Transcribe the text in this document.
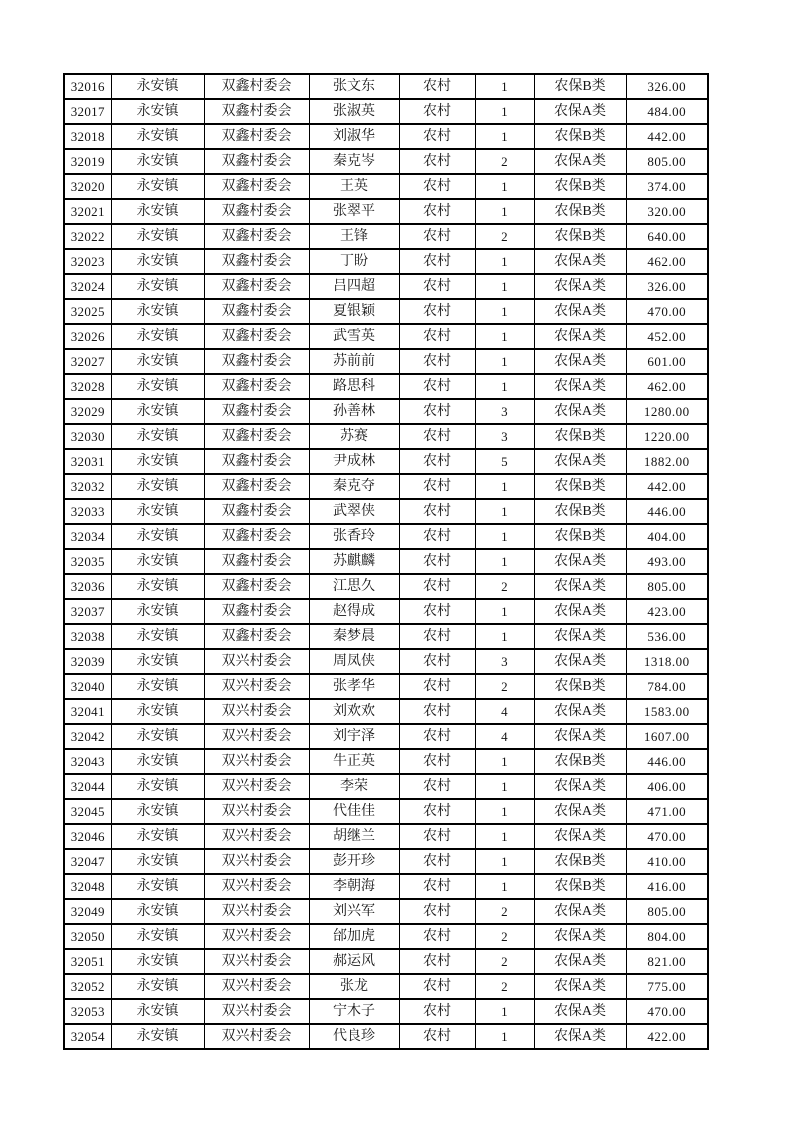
32016	永安镇	双鑫村委会	张文东	农村	1	农保B类	326.00
32017	永安镇	双鑫村委会	张淑英	农村	1	农保A类	484.00
32018	永安镇	双鑫村委会	刘淑华	农村	1	农保B类	442.00
32019	永安镇	双鑫村委会	秦克岑	农村	2	农保A类	805.00
32020	永安镇	双鑫村委会	王英	农村	1	农保B类	374.00
32021	永安镇	双鑫村委会	张翠平	农村	1	农保B类	320.00
32022	永安镇	双鑫村委会	王锋	农村	2	农保B类	640.00
32023	永安镇	双鑫村委会	丁盼	农村	1	农保A类	462.00
32024	永安镇	双鑫村委会	吕四超	农村	1	农保A类	326.00
32025	永安镇	双鑫村委会	夏银颖	农村	1	农保A类	470.00
32026	永安镇	双鑫村委会	武雪英	农村	1	农保A类	452.00
32027	永安镇	双鑫村委会	苏前前	农村	1	农保A类	601.00
32028	永安镇	双鑫村委会	路思科	农村	1	农保A类	462.00
32029	永安镇	双鑫村委会	孙善林	农村	3	农保A类	1280.00
32030	永安镇	双鑫村委会	苏赛	农村	3	农保B类	1220.00
32031	永安镇	双鑫村委会	尹成林	农村	5	农保A类	1882.00
32032	永安镇	双鑫村委会	秦克夺	农村	1	农保B类	442.00
32033	永安镇	双鑫村委会	武翠侠	农村	1	农保B类	446.00
32034	永安镇	双鑫村委会	张香玲	农村	1	农保B类	404.00
32035	永安镇	双鑫村委会	苏麒麟	农村	1	农保A类	493.00
32036	永安镇	双鑫村委会	江思久	农村	2	农保A类	805.00
32037	永安镇	双鑫村委会	赵得成	农村	1	农保A类	423.00
32038	永安镇	双鑫村委会	秦梦晨	农村	1	农保A类	536.00
32039	永安镇	双兴村委会	周凤侠	农村	3	农保A类	1318.00
32040	永安镇	双兴村委会	张孝华	农村	2	农保B类	784.00
32041	永安镇	双兴村委会	刘欢欢	农村	4	农保A类	1583.00
32042	永安镇	双兴村委会	刘宇泽	农村	4	农保A类	1607.00
32043	永安镇	双兴村委会	牛正英	农村	1	农保B类	446.00
32044	永安镇	双兴村委会	李荣	农村	1	农保A类	406.00
32045	永安镇	双兴村委会	代佳佳	农村	1	农保A类	471.00
32046	永安镇	双兴村委会	胡继兰	农村	1	农保A类	470.00
32047	永安镇	双兴村委会	彭开珍	农村	1	农保B类	410.00
32048	永安镇	双兴村委会	李朝海	农村	1	农保B类	416.00
32049	永安镇	双兴村委会	刘兴军	农村	2	农保A类	805.00
32050	永安镇	双兴村委会	邰加虎	农村	2	农保A类	804.00
32051	永安镇	双兴村委会	郝运风	农村	2	农保A类	821.00
32052	永安镇	双兴村委会	张龙	农村	2	农保A类	775.00
32053	永安镇	双兴村委会	宁木子	农村	1	农保A类	470.00
32054	永安镇	双兴村委会	代良珍	农村	1	农保A类	422.00
